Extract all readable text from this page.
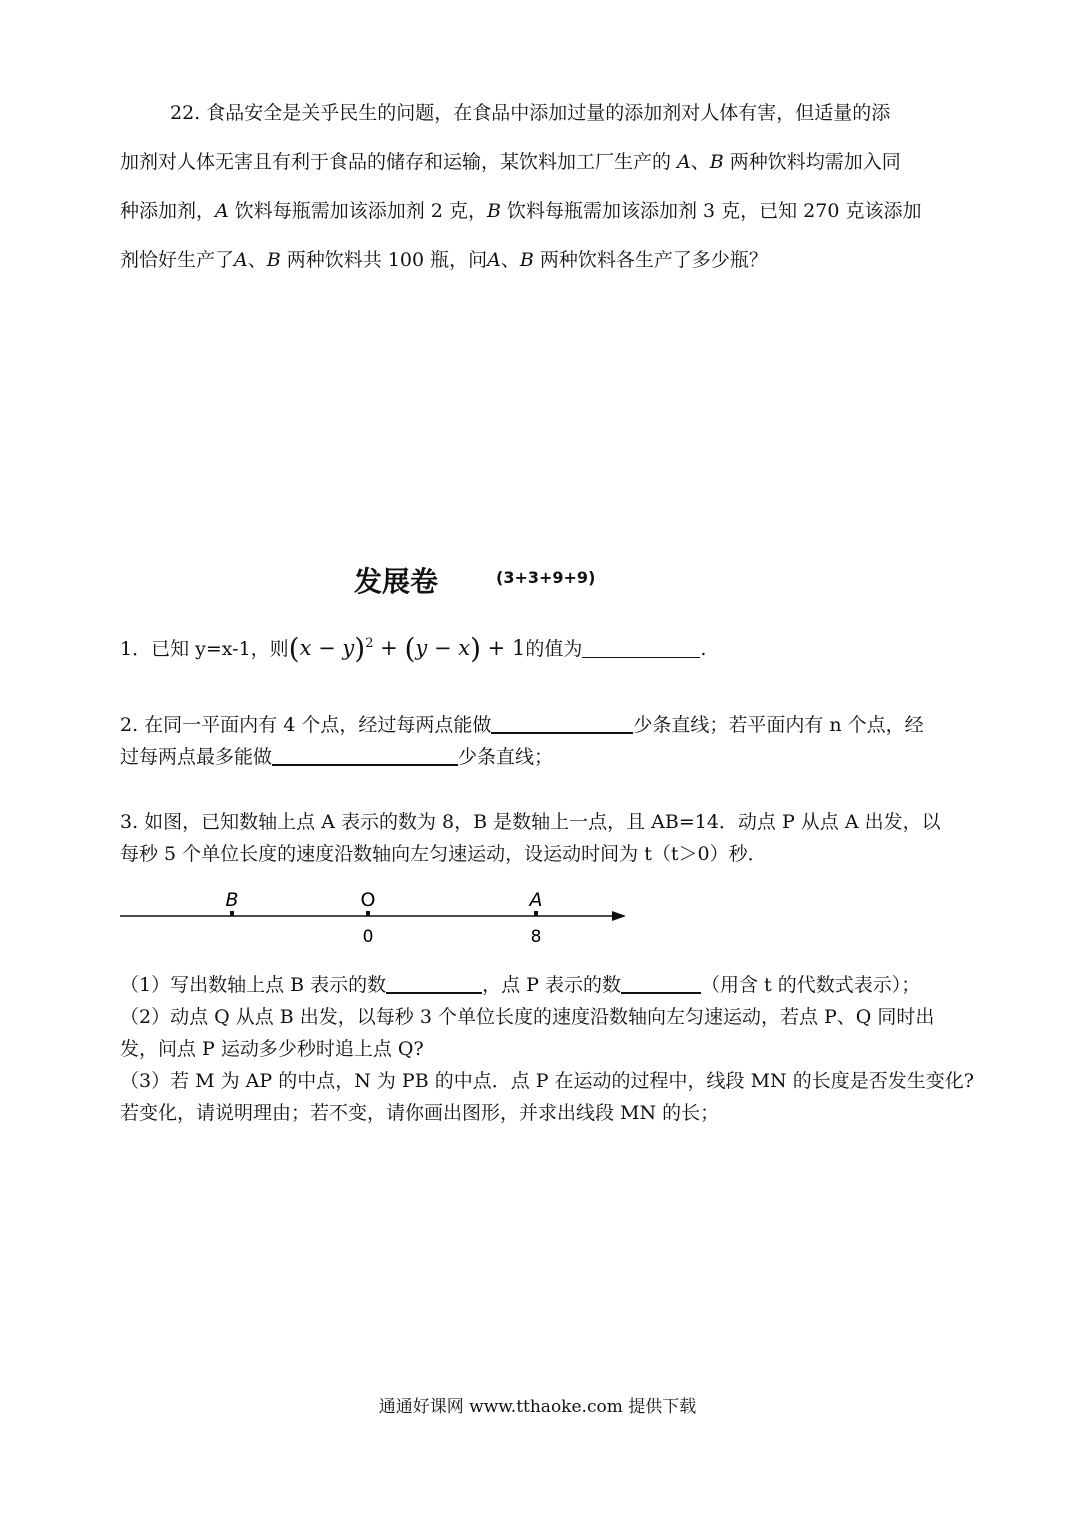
22. 食品安全是关乎民生的问题，在食品中添加过量的添加剂对人体有害，但适量的添
加剂对人体无害且有利于食品的储存和运输，某饮料加工厂生产的 A、B 两种饮料均需加入同
种添加剂，A 饮料每瓶需加该添加剂 2 克，B 饮料每瓶需加该添加剂 3 克，已知 270 克该添加
剂恰好生产了A、B 两种饮料共 100 瓶，问A、B 两种饮料各生产了多少瓶？
发展卷	(3+3+9+9)
1．已知 y=x-1，则$(x - y)^2 + (y - x) + 1$的值为	.
2. 在同一平面内有 4 个点，经过每两点能做	少条直线；若平面内有 n 个点，经
过每两点最多能做	少条直线；
3. 如图，已知数轴上点 A 表示的数为 8，B 是数轴上一点，且 AB=14．动点 P 从点 A 出发，以
每秒 5 个单位长度的速度沿数轴向左匀速运动，设运动时间为 t（t＞0）秒．
B	O	A
0	8
（1）写出数轴上点 B 表示的数	，点 P 表示的数	（用含 t 的代数式表示）；
（2）动点 Q 从点 B 出发，以每秒 3 个单位长度的速度沿数轴向左匀速运动，若点 P、Q 同时出
发，问点 P 运动多少秒时追上点 Q?
（3）若 M 为 AP 的中点，N 为 PB 的中点．点 P 在运动的过程中，线段 MN 的长度是否发生变化?
若变化，请说明理由；若不变，请你画出图形，并求出线段 MN 的长；
通通好课网 www.tthaoke.com 提供下载
